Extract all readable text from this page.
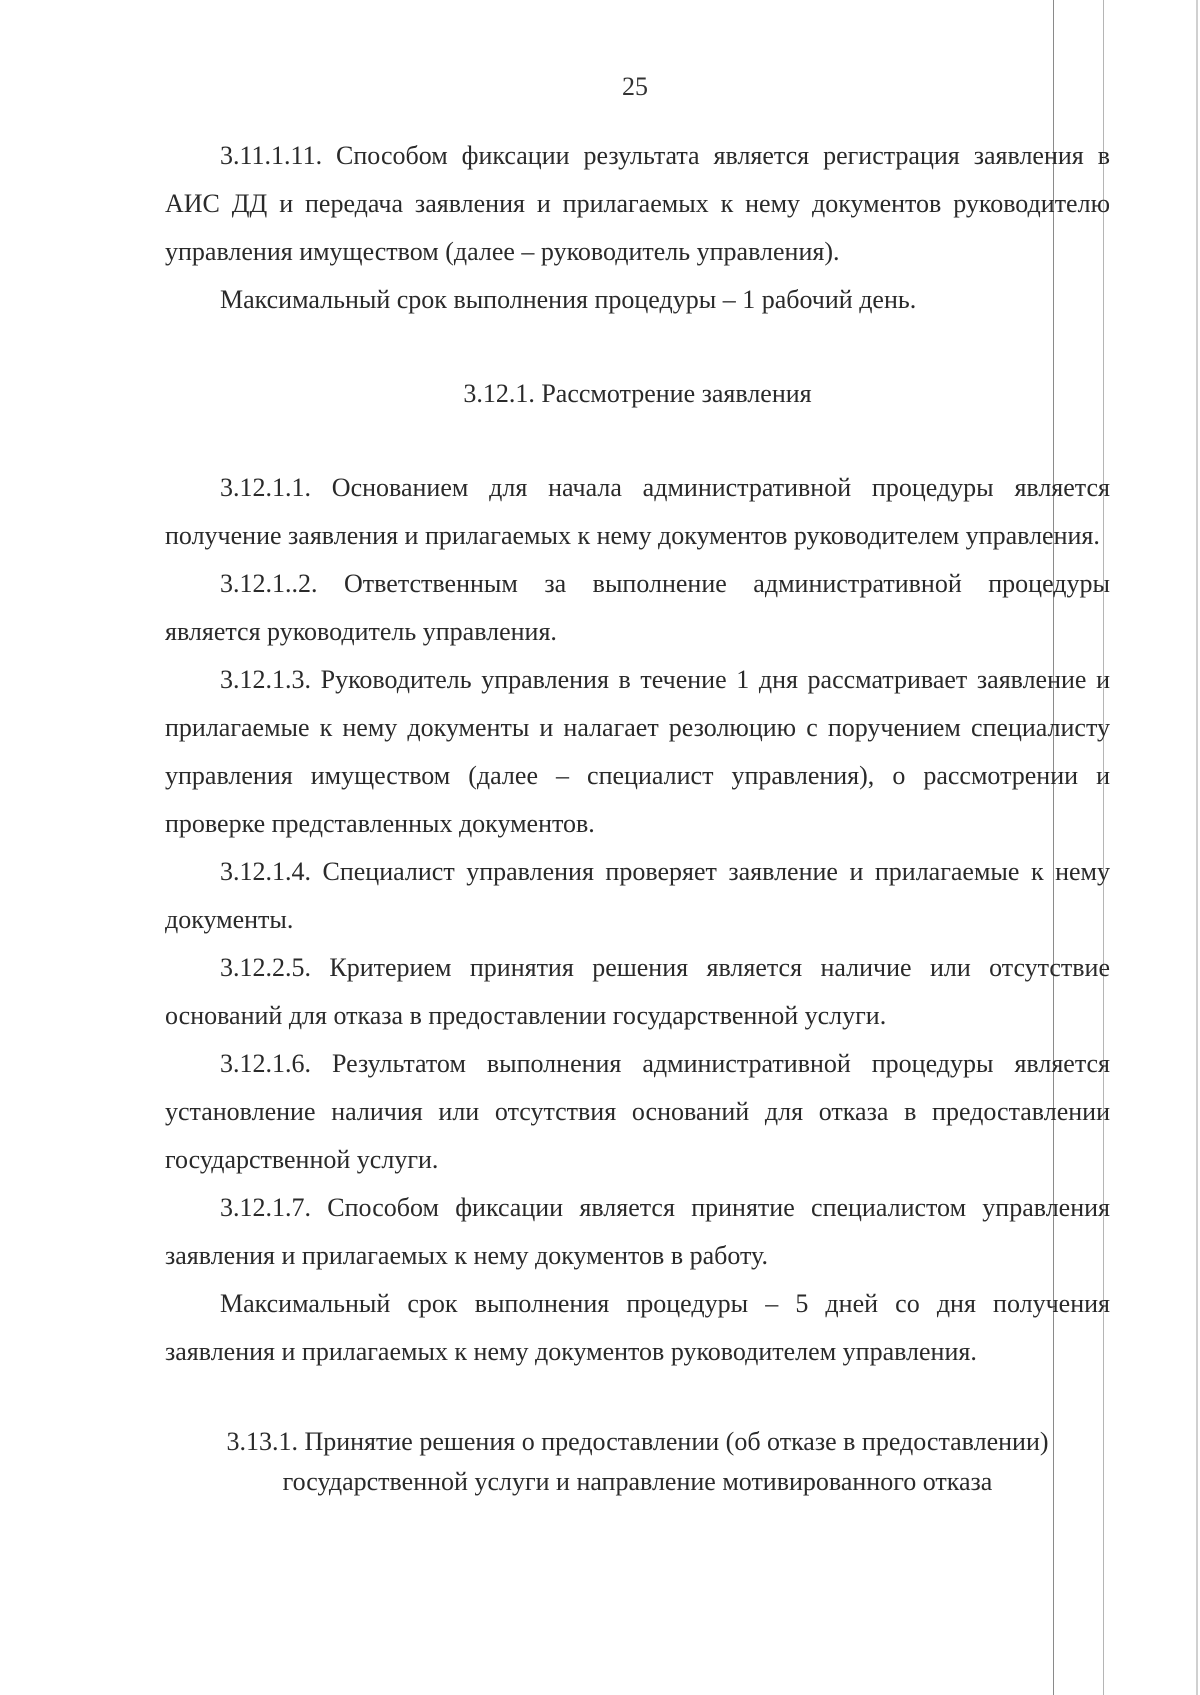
25

3.11.1.11. Способом фиксации результата является регистрация заявления в АИС ДД и передача заявления и прилагаемых к нему документов руководителю управления имуществом (далее – руководитель управления).

Максимальный срок выполнения процедуры – 1 рабочий день.

3.12.1. Рассмотрение заявления

3.12.1.1. Основанием для начала административной процедуры является получение заявления и прилагаемых к нему документов руководителем управления.

3.12.1..2. Ответственным за выполнение административной процедуры является руководитель управления.

3.12.1.3. Руководитель управления в течение 1 дня рассматривает заявление и прилагаемые к нему документы и налагает резолюцию с поручением специалисту управления имуществом (далее – специалист управления), о рассмотрении и проверке представленных документов.

3.12.1.4. Специалист управления проверяет заявление и прилагаемые к нему документы.

3.12.2.5. Критерием принятия решения является наличие или отсутствие оснований для отказа в предоставлении государственной услуги.

3.12.1.6. Результатом выполнения административной процедуры является установление наличия или отсутствия оснований для отказа в предоставлении государственной услуги.

3.12.1.7. Способом фиксации является принятие специалистом управления заявления и прилагаемых к нему документов в работу.

Максимальный срок выполнения процедуры – 5 дней со дня получения заявления и прилагаемых к нему документов руководителем управления.

3.13.1. Принятие решения о предоставлении (об отказе в предоставлении)

государственной услуги и направление мотивированного отказа
